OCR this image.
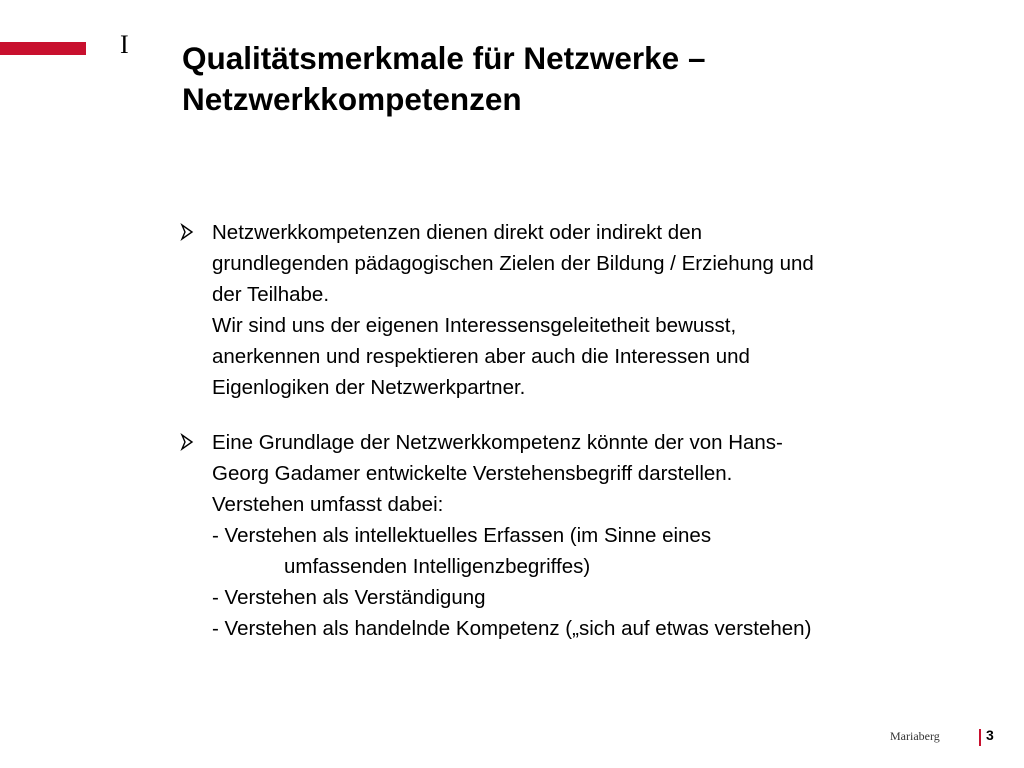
I Qualitätsmerkmale für Netzwerke –
Netzwerkkompetenzen
Netzwerkkompetenzen dienen direkt oder indirekt den
grundlegenden pädagogischen Zielen der Bildung / Erziehung und
der Teilhabe.
Wir sind uns der eigenen Interessensgeleitetheit bewusst,
anerkennen und respektieren aber auch die Interessen und
Eigenlogiken der Netzwerkpartner.
Eine Grundlage der Netzwerkkompetenz könnte der von Hans-
Georg Gadamer entwickelte Verstehensbegriff darstellen.
Verstehen umfasst dabei:
- Verstehen als intellektuelles Erfassen (im Sinne eines
umfassenden Intelligenzbegriffes)
- Verstehen als Verständigung
- Verstehen als handelnde Kompetenz („sich auf etwas verstehen)
Mariaberg	3
